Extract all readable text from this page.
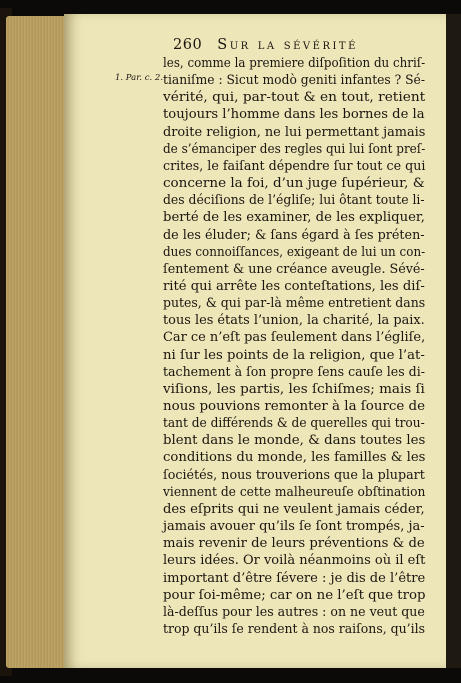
260 Sur la sévérité
1. Par. c. 2.
les, comme la premiere diſpoſition du chriſ-
tianiſme : Sicut modò geniti infantes ? Sé-
vérité, qui, par-tout & en tout, retient
toujours l’homme dans les bornes de la
droite religion, ne lui permettant jamais
de s’émanciper des regles qui lui ſont preſ-
crites, le faiſant dépendre ſur tout ce qui
concerne la foi, d’un juge ſupérieur, &
des déciſions de l’égliſe; lui ôtant toute li-
berté de les examiner, de les expliquer,
de les éluder; & ſans égard à ſes préten-
dues connoiſſances, exigeant de lui un con-
ſentement & une créance aveugle. Sévé-
rité qui arrête les conteſtations, les diſ-
putes, & qui par-là même entretient dans
tous les états l’union, la charité, la paix.
Car ce n’eſt pas ſeulement dans l’égliſe,
ni ſur les points de la religion, que l’at-
tachement à ſon propre ſens cauſe les di-
viſions, les partis, les ſchiſmes; mais ſi
nous pouvions remonter à la ſource de
tant de différends & de querelles qui trou-
blent dans le monde, & dans toutes les
conditions du monde, les familles & les
ſociétés, nous trouverions que la plupart
viennent de cette malheureuſe obſtination
des eſprits qui ne veulent jamais céder,
jamais avouer qu’ils ſe ſont trompés, ja-
mais revenir de leurs préventions & de
leurs idées. Or voilà néanmoins où il eſt
important d’être ſévere : je dis de l’être
pour ſoi-même; car on ne l’eſt que trop
là-deſſus pour les autres : on ne veut que
trop qu’ils ſe rendent à nos raiſons, qu’ils
